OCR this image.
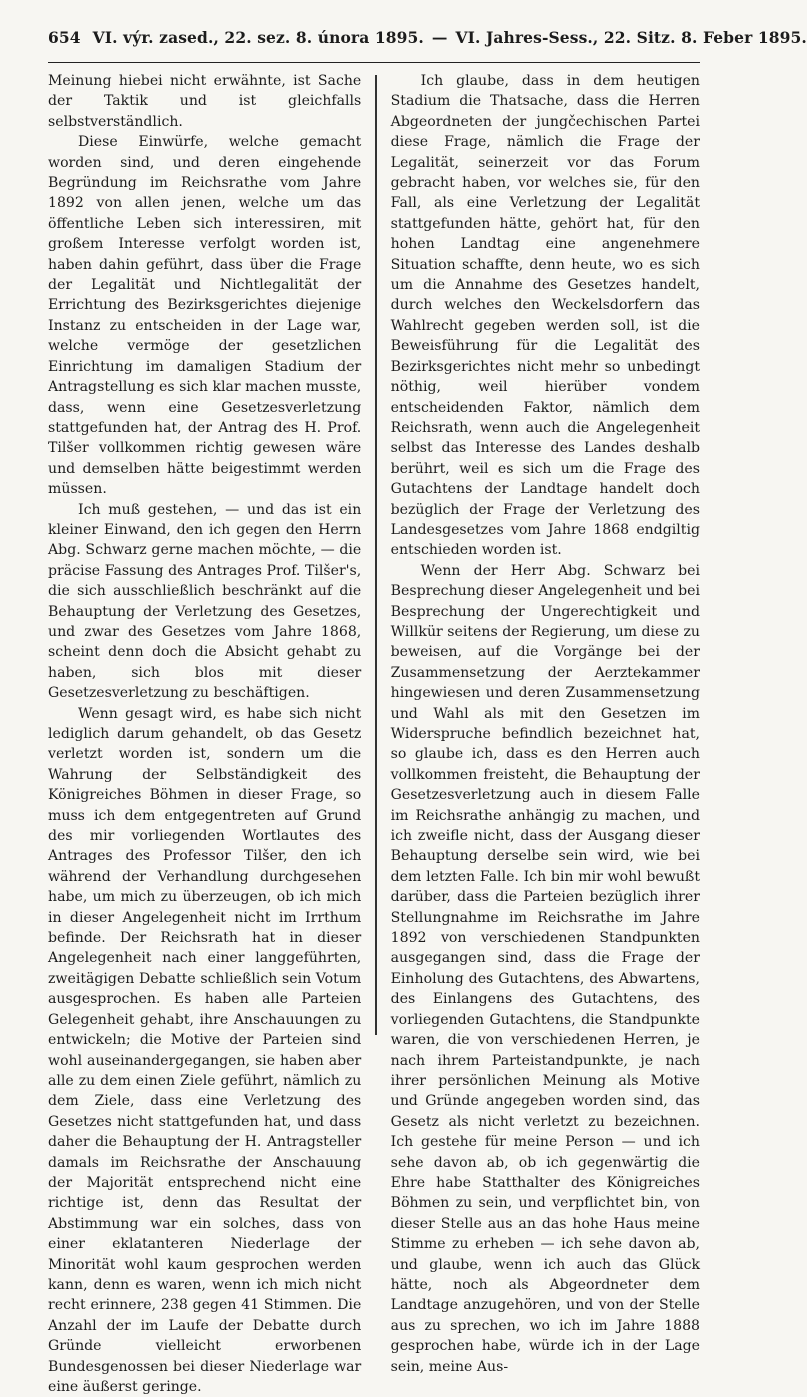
654 VI. výr. zased., 22. sez. 8. února 1895. — VI. Jahres-Sess., 22. Sitz. 8. Feber 1895.

Meinung hiebei nicht erwähnte, ist Sache der Taktik und ist gleichfalls selbstverständlich.

Diese Einwürfe, welche gemacht worden sind, und deren eingehende Begründung im Reichsrathe vom Jahre 1892 von allen jenen, welche um das öffentliche Leben sich interessiren, mit großem Interesse verfolgt worden ist, haben dahin geführt, dass über die Frage der Legalität und Nichtlegalität der Errichtung des Bezirksgerichtes diejenige Instanz zu entscheiden in der Lage war, welche vermöge der gesetzlichen Einrichtung im damaligen Stadium der Antragstellung es sich klar machen musste, dass, wenn eine Gesetzesverletzung stattgefunden hat, der Antrag des H. Prof. Tilšer vollkommen richtig gewesen wäre und demselben hätte beigestimmt werden müssen.

Ich muß gestehen, — und das ist ein kleiner Einwand, den ich gegen den Herrn Abg. Schwarz gerne machen möchte, — die präcise Fassung des Antrages Prof. Tilšer's, die sich ausschließlich beschränkt auf die Behauptung der Verletzung des Gesetzes, und zwar des Gesetzes vom Jahre 1868, scheint denn doch die Absicht gehabt zu haben, sich blos mit dieser Gesetzesverletzung zu beschäftigen.

Wenn gesagt wird, es habe sich nicht lediglich darum gehandelt, ob das Gesetz verletzt worden ist, sondern um die Wahrung der Selbständigkeit des Königreiches Böhmen in dieser Frage, so muss ich dem entgegentreten auf Grund des mir vorliegenden Wortlautes des Antrages des Professor Tilšer, den ich während der Verhandlung durchgesehen habe, um mich zu überzeugen, ob ich mich in dieser Angelegenheit nicht im Irrthum befinde. Der Reichsrath hat in dieser Angelegenheit nach einer langgeführten, zweitägigen Debatte schließlich sein Votum ausgesprochen. Es haben alle Parteien Gelegenheit gehabt, ihre Anschauungen zu entwickeln; die Motive der Parteien sind wohl auseinandergegangen, sie haben aber alle zu dem einen Ziele geführt, nämlich zu dem Ziele, dass eine Verletzung des Gesetzes nicht stattgefunden hat, und dass daher die Behauptung der H. Antragsteller damals im Reichsrathe der Anschauung der Majorität entsprechend nicht eine richtige ist, denn das Resultat der Abstimmung war ein solches, dass von einer eklatanteren Niederlage der Minorität wohl kaum gesprochen werden kann, denn es waren, wenn ich mich nicht recht erinnere, 238 gegen 41 Stimmen. Die Anzahl der im Laufe der Debatte durch Gründe vielleicht erworbenen Bundesgenossen bei dieser Niederlage war eine äußerst geringe.

Ich glaube, dass in dem heutigen Stadium die Thatsache, dass die Herren Abgeordneten der jungčechischen Partei diese Frage, nämlich die Frage der Legalität, seinerzeit vor das Forum gebracht haben, vor welches sie, für den Fall, als eine Verletzung der Legalität stattgefunden hätte, gehört hat, für den hohen Landtag eine angenehmere Situation schaffte, denn heute, wo es sich um die Annahme des Gesetzes handelt, durch welches den Weckelsdorfern das Wahlrecht gegeben werden soll, ist die Beweisführung für die Legalität des Bezirksgerichtes nicht mehr so unbedingt nöthig, weil hierüber vondem entscheidenden Faktor, nämlich dem Reichsrath, wenn auch die Angelegenheit selbst das Interesse des Landes deshalb berührt, weil es sich um die Frage des Gutachtens der Landtage handelt doch bezüglich der Frage der Verletzung des Landesgesetzes vom Jahre 1868 endgiltig entschieden worden ist.

Wenn der Herr Abg. Schwarz bei Besprechung dieser Angelegenheit und bei Besprechung der Ungerechtigkeit und Willkür seitens der Regierung, um diese zu beweisen, auf die Vorgänge bei der Zusammensetzung der Aerztekammer hingewiesen und deren Zusammensetzung und Wahl als mit den Gesetzen im Widerspruche befindlich bezeichnet hat, so glaube ich, dass es den Herren auch vollkommen freisteht, die Behauptung der Gesetzesverletzung auch in diesem Falle im Reichsrathe anhängig zu machen, und ich zweifle nicht, dass der Ausgang dieser Behauptung derselbe sein wird, wie bei dem letzten Falle. Ich bin mir wohl bewußt darüber, dass die Parteien bezüglich ihrer Stellungnahme im Reichsrathe im Jahre 1892 von verschiedenen Standpunkten ausgegangen sind, dass die Frage der Einholung des Gutachtens, des Abwartens, des Einlangens des Gutachtens, des vorliegenden Gutachtens, die Standpunkte waren, die von verschiedenen Herren, je nach ihrem Parteistandpunkte, je nach ihrer persönlichen Meinung als Motive und Gründe angegeben worden sind, das Gesetz als nicht verletzt zu bezeichnen. Ich gestehe für meine Person — und ich sehe davon ab, ob ich gegenwärtig die Ehre habe Statthalter des Königreiches Böhmen zu sein, und verpflichtet bin, von dieser Stelle aus an das hohe Haus meine Stimme zu erheben — ich sehe davon ab, und glaube, wenn ich auch das Glück hätte, noch als Abgeordneter dem Landtage anzugehören, und von der Stelle aus zu sprechen, wo ich im Jahre 1888 gesprochen habe, würde ich in der Lage sein, meine Aus-
